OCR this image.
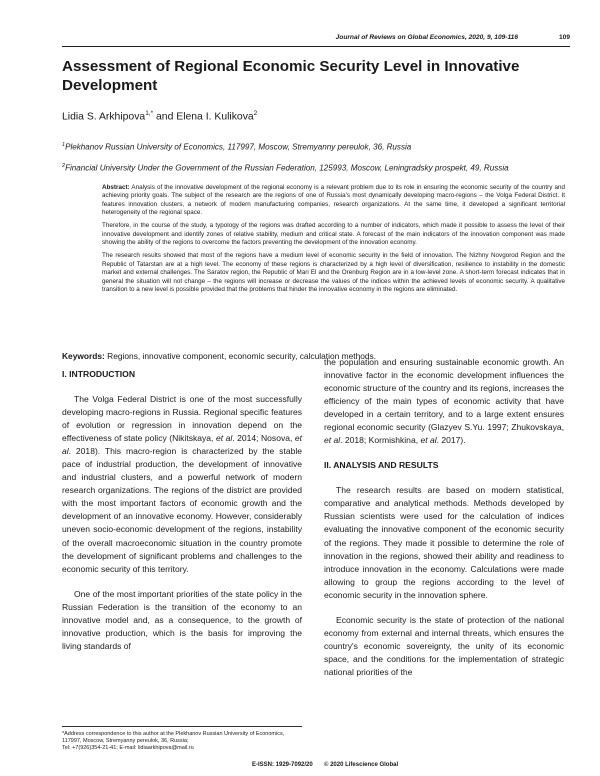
Journal of Reviews on Global Economics, 2020, 9, 109-116	109
Assessment of Regional Economic Security Level in Innovative Development

Lidia S. Arkhipova$^{1,*}$ and Elena I. Kulikova$^2$

$^1$Plekhanov Russian University of Economics, 117997, Moscow, Stremyanny pereulok, 36, Russia

$^2$Financial University Under the Government of the Russian Federation, 125993, Moscow, Leningradsky prospekt, 49, Russia

Abstract: Analysis of the innovative development of the regional economy is a relevant problem due to its role in ensuring the economic security of the country and achieving priority goals. The subject of the research are the regions of one of Russia's most dynamically developing macro-regions – the Volga Federal District. It features innovation clusters, a network of modern manufacturing companies, research organizations. At the same time, it developed a significant territorial heterogeneity of the regional space.

Therefore, in the course of the study, a typology of the regions was drafted according to a number of indicators, which made it possible to assess the level of their innovative development and identify zones of relative stability, medium and critical state. A forecast of the main indicators of the innovation component was made showing the ability of the regions to overcome the factors preventing the development of the innovation economy.

The research results showed that most of the regions have a medium level of economic security in the field of innovation. The Nizhny Novgorod Region and the Republic of Tatarstan are at a high level. The economy of these regions is characterized by a high level of diversification, resilience to instability in the domestic market and external challenges. The Saratov region, the Republic of Mari El and the Orenburg Region are in a low-level zone. A short-term forecast indicates that in general the situation will not change – the regions will increase or decrease the values of the indices within the achieved levels of economic security. A qualitative transition to a new level is possible provided that the problems that hinder the innovative economy in the regions are eliminated.

Keywords: Regions, innovative component, economic security, calculation methods.

I. INTRODUCTION

The Volga Federal District is one of the most successfully developing macro-regions in Russia. Regional specific features of evolution or regression in innovation depend on the effectiveness of state policy (Nikitskaya, et al. 2014; Nosova, et al. 2018). This macro-region is characterized by the stable pace of industrial production, the development of innovative and industrial clusters, and a powerful network of modern research organizations. The regions of the district are provided with the most important factors of economic growth and the development of an innovative economy. However, considerably uneven socio-economic development of the regions, instability of the overall macroeconomic situation in the country promote the development of significant problems and challenges to the economic security of this territory.

One of the most important priorities of the state policy in the Russian Federation is the transition of the economy to an innovative model and, as a consequence, to the growth of innovative production, which is the basis for improving the living standards of

the population and ensuring sustainable economic growth. An innovative factor in the economic development influences the economic structure of the country and its regions, increases the efficiency of the main types of economic activity that have developed in a certain territory, and to a large extent ensures regional economic security (Glazyev S.Yu. 1997; Zhukovskaya, et al. 2018; Kormishkina, et al. 2017).

II. ANALYSIS AND RESULTS

The research results are based on modern statistical, comparative and analytical methods. Methods developed by Russian scientists were used for the calculation of indices evaluating the innovative component of the economic security of the regions. They made it possible to determine the role of innovation in the regions, showed their ability and readiness to introduce innovation in the economy. Calculations were made allowing to group the regions according to the level of economic security in the innovation sphere.

Economic security is the state of protection of the national economy from external and internal threats, which ensures the country's economic sovereignty, the unity of its economic space, and the conditions for the implementation of strategic national priorities of the

*Address correspondence to this author at the Plekhanov Russian University of Economics, 117997, Moscow, Stremyanny pereulok, 36, Russia;
Tel: +7(926)354-21-41; E-mail: lidiaarkhipova@mail.ru
E-ISSN: 1929-7092/20 © 2020 Lifescience Global
